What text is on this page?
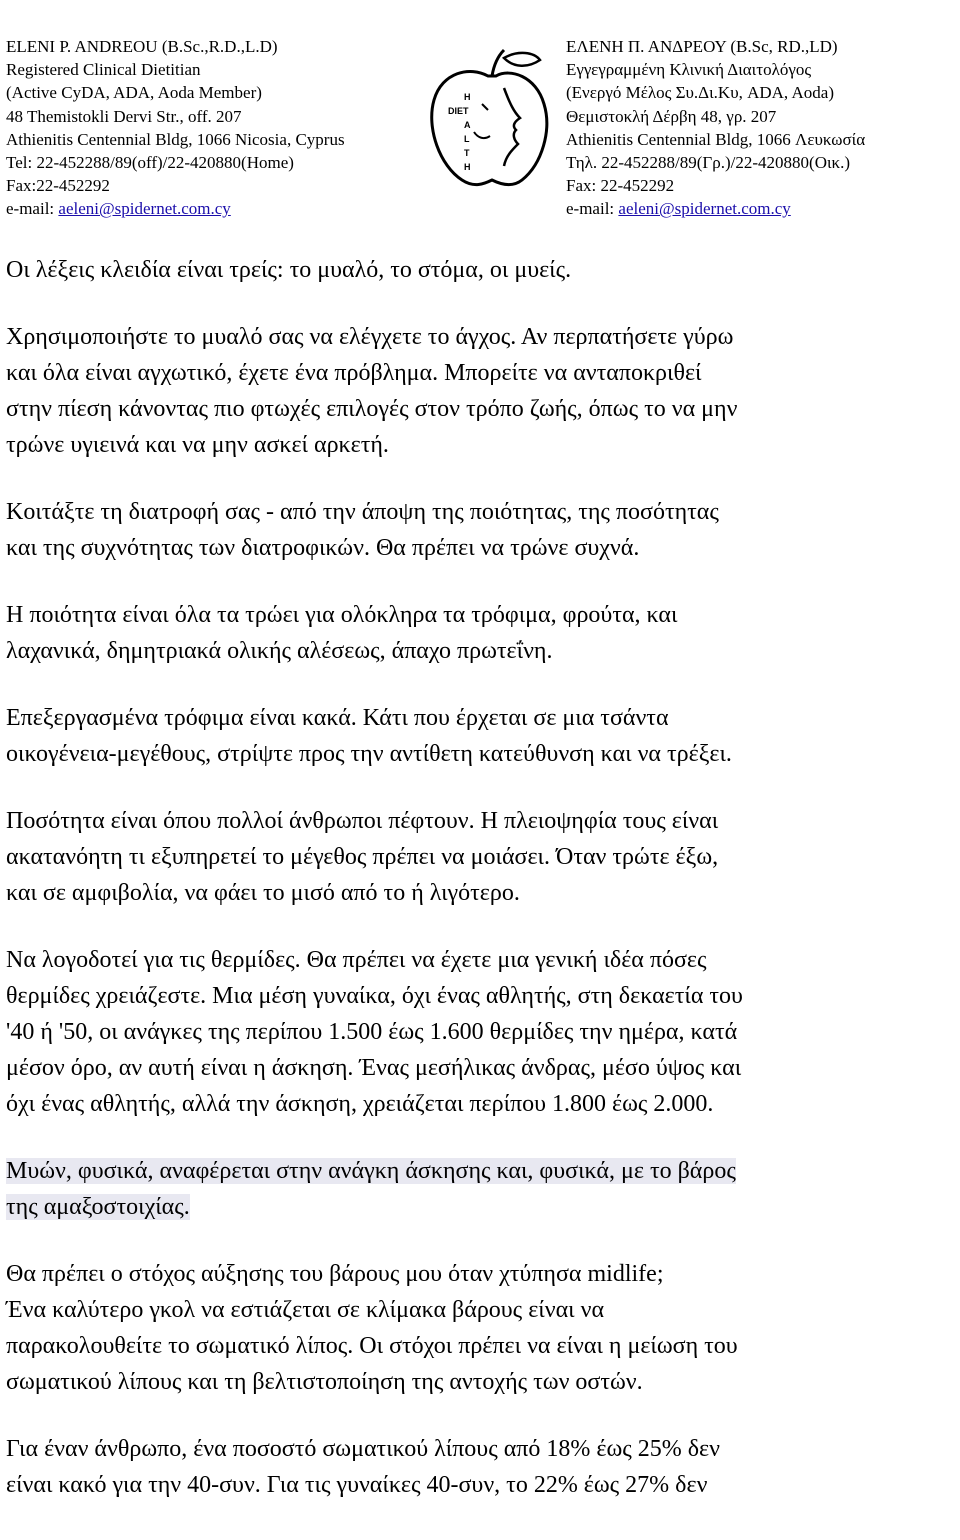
ELENI P. ANDREOU (B.Sc.,R.D.,L.D)
Registered Clinical Dietitian
(Active CyDA, ADA, Aoda Member)
48 Themistokli Dervi Str., off. 207
Athienitis Centennial Bldg, 1066 Nicosia, Cyprus
Tel: 22-452288/89(off)/22-420880(Home)
Fax:22-452292
e-mail: aeleni@spidernet.com.cy
H
DIET
A
L
T
H
ΕΛΕΝΗ Π. ΑΝΔΡΕΟΥ (B.Sc, RD.,LD)
Εγγεγραμμένη Κλινική Διαιτολόγος
(Ενεργό Μέλος Συ.Δι.Κυ, ADA, Aoda)
Θεμιστοκλή Δέρβη 48, γρ. 207
Athienitis Centennial Bldg, 1066 Λευκωσία
Τηλ. 22-452288/89(Γρ.)/22-420880(Οικ.)
Fax: 22-452292
e-mail: aeleni@spidernet.com.cy
Οι λέξεις κλειδία είναι τρείς: το μυαλό, το στόμα, οι μυείς.
Χρησιμοποιήστε το μυαλό σας να ελέγχετε το άγχος. Αν περπατήσετε γύρω
και όλα είναι αγχωτικό, έχετε ένα πρόβλημα. Μπορείτε να ανταποκριθεί
στην πίεση κάνοντας πιο φτωχές επιλογές στον τρόπο ζωής, όπως το να μην
τρώνε υγιεινά και να μην ασκεί αρκετή.
Κοιτάξτε τη διατροφή σας - από την άποψη της ποιότητας, της ποσότητας
και της συχνότητας των διατροφικών. Θα πρέπει να τρώνε συχνά.
Η ποιότητα είναι όλα τα τρώει για ολόκληρα τα τρόφιμα, φρούτα, και
λαχανικά, δημητριακά ολικής αλέσεως, άπαχο πρωτεΐνη.
Επεξεργασμένα τρόφιμα είναι κακά. Κάτι που έρχεται σε μια τσάντα
οικογένεια-μεγέθους, στρίψτε προς την αντίθετη κατεύθυνση και να τρέξει.
Ποσότητα είναι όπου πολλοί άνθρωποι πέφτουν. Η πλειοψηφία τους είναι
ακατανόητη τι εξυπηρετεί το μέγεθος πρέπει να μοιάσει. Όταν τρώτε έξω,
και σε αμφιβολία, να φάει το μισό από το ή λιγότερο.
Να λογοδοτεί για τις θερμίδες. Θα πρέπει να έχετε μια γενική ιδέα πόσες
θερμίδες χρειάζεστε. Μια μέση γυναίκα, όχι ένας αθλητής, στη δεκαετία του
'40 ή '50, οι ανάγκες της περίπου 1.500 έως 1.600 θερμίδες την ημέρα, κατά
μέσον όρο, αν αυτή είναι η άσκηση. Ένας μεσήλικας άνδρας, μέσο ύψος και
όχι ένας αθλητής, αλλά την άσκηση, χρειάζεται περίπου 1.800 έως 2.000.
Μυών, φυσικά, αναφέρεται στην ανάγκη άσκησης και, φυσικά, με το βάρος
της αμαξοστοιχίας.
Θα πρέπει ο στόχος αύξησης του βάρους μου όταν χτύπησα midlife;
Ένα καλύτερο γκολ να εστιάζεται σε κλίμακα βάρους είναι να
παρακολουθείτε το σωματικό λίπος. Οι στόχοι πρέπει να είναι η μείωση του
σωματικού λίπους και τη βελτιστοποίηση της αντοχής των οστών.
Για έναν άνθρωπο, ένα ποσοστό σωματικού λίπους από 18% έως 25% δεν
είναι κακό για την 40-συν. Για τις γυναίκες 40-συν, το 22% έως 27% δεν
